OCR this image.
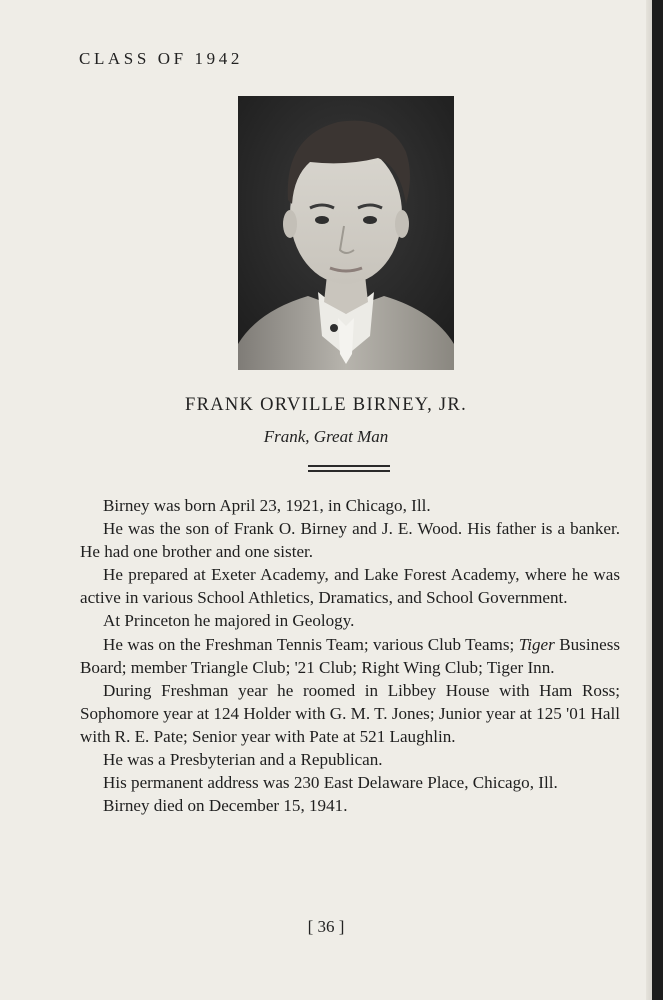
CLASS OF 1942
FRANK ORVILLE BIRNEY, JR.
Frank, Great Man

Birney was born April 23, 1921, in Chicago, Ill.

He was the son of Frank O. Birney and J. E. Wood. His father is a banker. He had one brother and one sister.

He prepared at Exeter Academy, and Lake Forest Academy, where he was active in various School Athletics, Dramatics, and School Government.

At Princeton he majored in Geology.

He was on the Freshman Tennis Team; various Club Teams; Tiger Business Board; member Triangle Club; '21 Club; Right Wing Club; Tiger Inn.

During Freshman year he roomed in Libbey House with Ham Ross; Sophomore year at 124 Holder with G. M. T. Jones; Junior year at 125 '01 Hall with R. E. Pate; Senior year with Pate at 521 Laughlin.

He was a Presbyterian and a Republican.

His permanent address was 230 East Delaware Place, Chicago, Ill.

Birney died on December 15, 1941.

[ 36 ]
